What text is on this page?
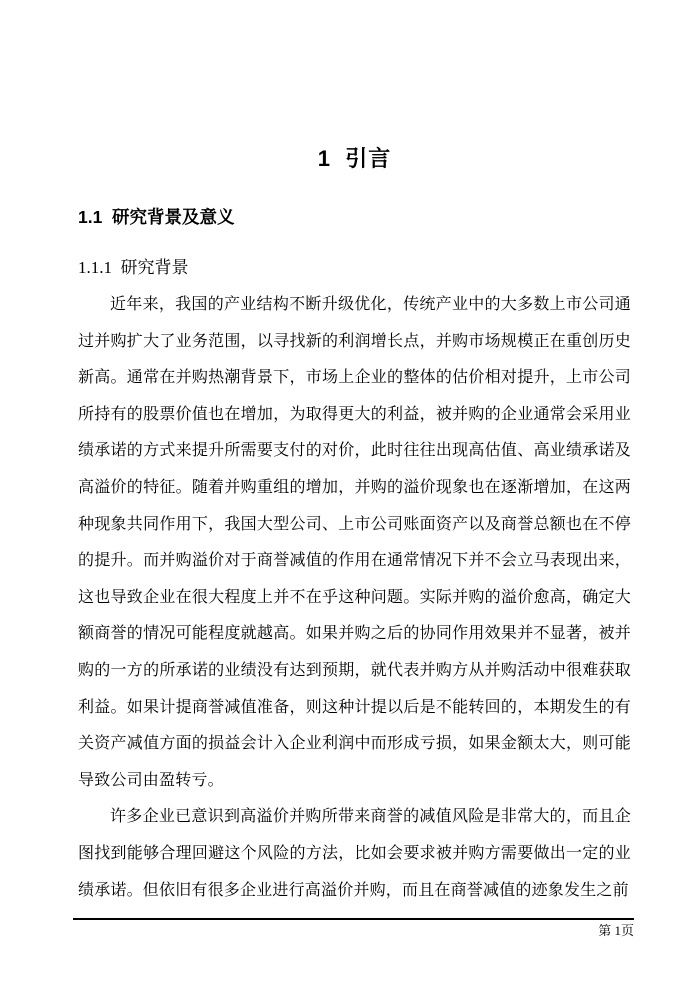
1  引言
1.1  研究背景及意义
1.1.1  研究背景

近年来，我国的产业结构不断升级优化，传统产业中的大多数上市公司通过并购扩大了业务范围，以寻找新的利润增长点，并购市场规模正在重创历史新高。通常在并购热潮背景下，市场上企业的整体的估价相对提升，上市公司所持有的股票价值也在增加，为取得更大的利益，被并购的企业通常会采用业绩承诺的方式来提升所需要支付的对价，此时往往出现高估值、高业绩承诺及高溢价的特征。随着并购重组的增加，并购的溢价现象也在逐渐增加，在这两种现象共同作用下，我国大型公司、上市公司账面资产以及商誉总额也在不停的提升。而并购溢价对于商誉减值的作用在通常情况下并不会立马表现出来，这也导致企业在很大程度上并不在乎这种问题。实际并购的溢价愈高，确定大额商誉的情况可能程度就越高。如果并购之后的协同作用效果并不显著，被并购的一方的所承诺的业绩没有达到预期，就代表并购方从并购活动中很难获取利益。如果计提商誉减值准备，则这种计提以后是不能转回的，本期发生的有关资产减值方面的损益会计入企业利润中而形成亏损，如果金额太大，则可能导致公司由盈转亏。

许多企业已意识到高溢价并购所带来商誉的减值风险是非常大的，而且企图找到能够合理回避这个风险的方法，比如会要求被并购方需要做出一定的业绩承诺。但依旧有很多企业进行高溢价并购，而且在商誉减值的迹象发生之前

第 1页
